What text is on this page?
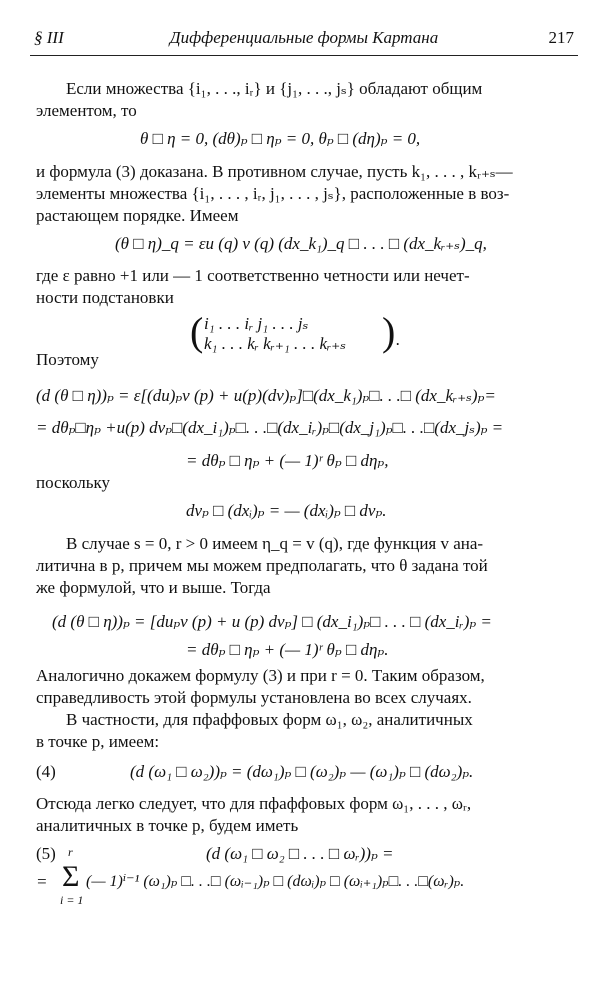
§ III	Дифференциальные формы Картана	217
Если множества {i₁, . . ., iᵣ} и {j₁, . . ., jₛ} обладают общим
элементом, то
θ □ η = 0, (dθ)ₚ □ ηₚ = 0, θₚ □ (dη)ₚ = 0,
и формула (3) доказана. В противном случае, пусть k₁, . . . , kᵣ₊ₛ—
элементы множества {i₁, . . . , iᵣ, j₁, . . . , jₛ}, расположенные в воз-
растающем порядке. Имеем
(θ □ η)_q = εu (q) v (q) (dx_k₁)_q □ . . . □ (dx_kᵣ₊ₛ)_q,
где ε равно +1 или — 1 соответственно четности или нечет-
ности подстановки
( i₁ . . . iᵣ j₁ . . . jₛ
k₁ . . . kᵣ kᵣ₊₁ . . . kᵣ₊ₛ ) .
Поэтому
(d (θ □ η))ₚ = ε[(du)ₚv (p) + u(p)(dv)ₚ]□(dx_k₁)ₚ□. . .□ (dx_kᵣ₊ₛ)ₚ=
= dθₚ□ηₚ +u(p) dvₚ□(dx_i₁)ₚ□. . .□(dx_iᵣ)ₚ□(dx_j₁)ₚ□. . .□(dx_jₛ)ₚ =
= dθₚ □ ηₚ + (— 1)ʳ θₚ □ dηₚ,
поскольку
dvₚ □ (dxᵢ)ₚ = — (dxᵢ)ₚ □ dvₚ.
В случае s = 0, r > 0 имеем η_q = v (q), где функция v ана-
литична в p, причем мы можем предполагать, что θ задана той
же формулой, что и выше. Тогда
(d (θ □ η))ₚ = [duₚv (p) + u (p) dvₚ] □ (dx_i₁)ₚ□ . . . □ (dx_iᵣ)ₚ =
= dθₚ □ ηₚ + (— 1)ʳ θₚ □ dηₚ.
Аналогично докажем формулу (3) и при r = 0. Таким образом,
справедливость этой формулы установлена во всех случаях.
В частности, для пфаффовых форм ω₁, ω₂, аналитичных
в точке p, имеем:
(4)	(d (ω₁ □ ω₂))ₚ = (dω₁)ₚ □ (ω₂)ₚ — (ω₁)ₚ □ (dω₂)ₚ.
Отсюда легко следует, что для пфаффовых форм ω₁, . . . , ωᵣ,
аналитичных в точке p, будем иметь
(5)	(d (ω₁ □ ω₂ □ . . . □ ωᵣ))ₚ =
=
r
Σ
i = 1
(— 1)ⁱ⁻¹ (ω₁)ₚ □. . .□ (ωᵢ₋₁)ₚ □ (dωᵢ)ₚ □ (ωᵢ₊₁)ₚ□. . .□(ωᵣ)ₚ.
